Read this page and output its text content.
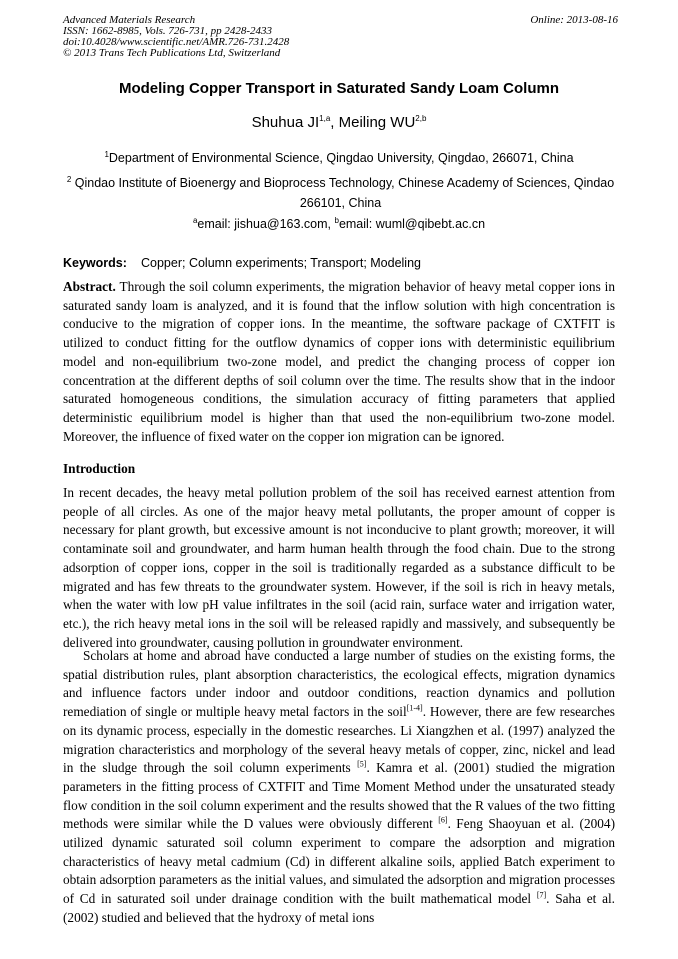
Advanced Materials Research
ISSN: 1662-8985, Vols. 726-731, pp 2428-2433
doi:10.4028/www.scientific.net/AMR.726-731.2428
© 2013 Trans Tech Publications Ltd, Switzerland
Online: 2013-08-16
Modeling Copper Transport in Saturated Sandy Loam Column
Shuhua JI$^{1,a}$, Meiling WU$^{2,b}$
$^1$Department of Environmental Science, Qingdao University, Qingdao, 266071, China
$^2$ Qindao Institute of Bioenergy and Bioprocess Technology, Chinese Academy of Sciences, Qindao 266101, China
$^a$email: jishua@163.com, $^b$email: wuml@qibebt.ac.cn
Keywords: Copper; Column experiments; Transport; Modeling
Abstract. Through the soil column experiments, the migration behavior of heavy metal copper ions in saturated sandy loam is analyzed, and it is found that the inflow solution with high concentration is conducive to the migration of copper ions. In the meantime, the software package of CXTFIT is utilized to conduct fitting for the outflow dynamics of copper ions with deterministic equilibrium model and non-equilibrium two-zone model, and predict the changing process of copper ion concentration at the different depths of soil column over the time. The results show that in the indoor saturated homogeneous conditions, the simulation accuracy of fitting parameters that applied deterministic equilibrium model is higher than that used the non-equilibrium two-zone model. Moreover, the influence of fixed water on the copper ion migration can be ignored.
Introduction
In recent decades, the heavy metal pollution problem of the soil has received earnest attention from people of all circles. As one of the major heavy metal pollutants, the proper amount of copper is necessary for plant growth, but excessive amount is not inconducive to plant growth; moreover, it will contaminate soil and groundwater, and harm human health through the food chain. Due to the strong adsorption of copper ions, copper in the soil is traditionally regarded as a substance difficult to be migrated and has few threats to the groundwater system. However, if the soil is rich in heavy metals, when the water with low pH value infiltrates in the soil (acid rain, surface water and irrigation water, etc.), the rich heavy metal ions in the soil will be released rapidly and massively, and subsequently be delivered into groundwater, causing pollution in groundwater environment.
Scholars at home and abroad have conducted a large number of studies on the existing forms, the spatial distribution rules, plant absorption characteristics, the ecological effects, migration dynamics and influence factors under indoor and outdoor conditions, reaction dynamics and pollution remediation of single or multiple heavy metal factors in the soil[1-4]. However, there are few researches on its dynamic process, especially in the domestic researches. Li Xiangzhen et al. (1997) analyzed the migration characteristics and morphology of the several heavy metals of copper, zinc, nickel and lead in the sludge through the soil column experiments [5]. Kamra et al. (2001) studied the migration parameters in the fitting process of CXTFIT and Time Moment Method under the unsaturated steady flow condition in the soil column experiment and the results showed that the R values of the two fitting methods were similar while the D values were obviously different [6]. Feng Shaoyuan et al. (2004) utilized dynamic saturated soil column experiment to compare the adsorption and migration characteristics of heavy metal cadmium (Cd) in different alkaline soils, applied Batch experiment to obtain adsorption parameters as the initial values, and simulated the adsorption and migration processes of Cd in saturated soil under drainage condition with the built mathematical model [7]. Saha et al. (2002) studied and believed that the hydroxy of metal ions
